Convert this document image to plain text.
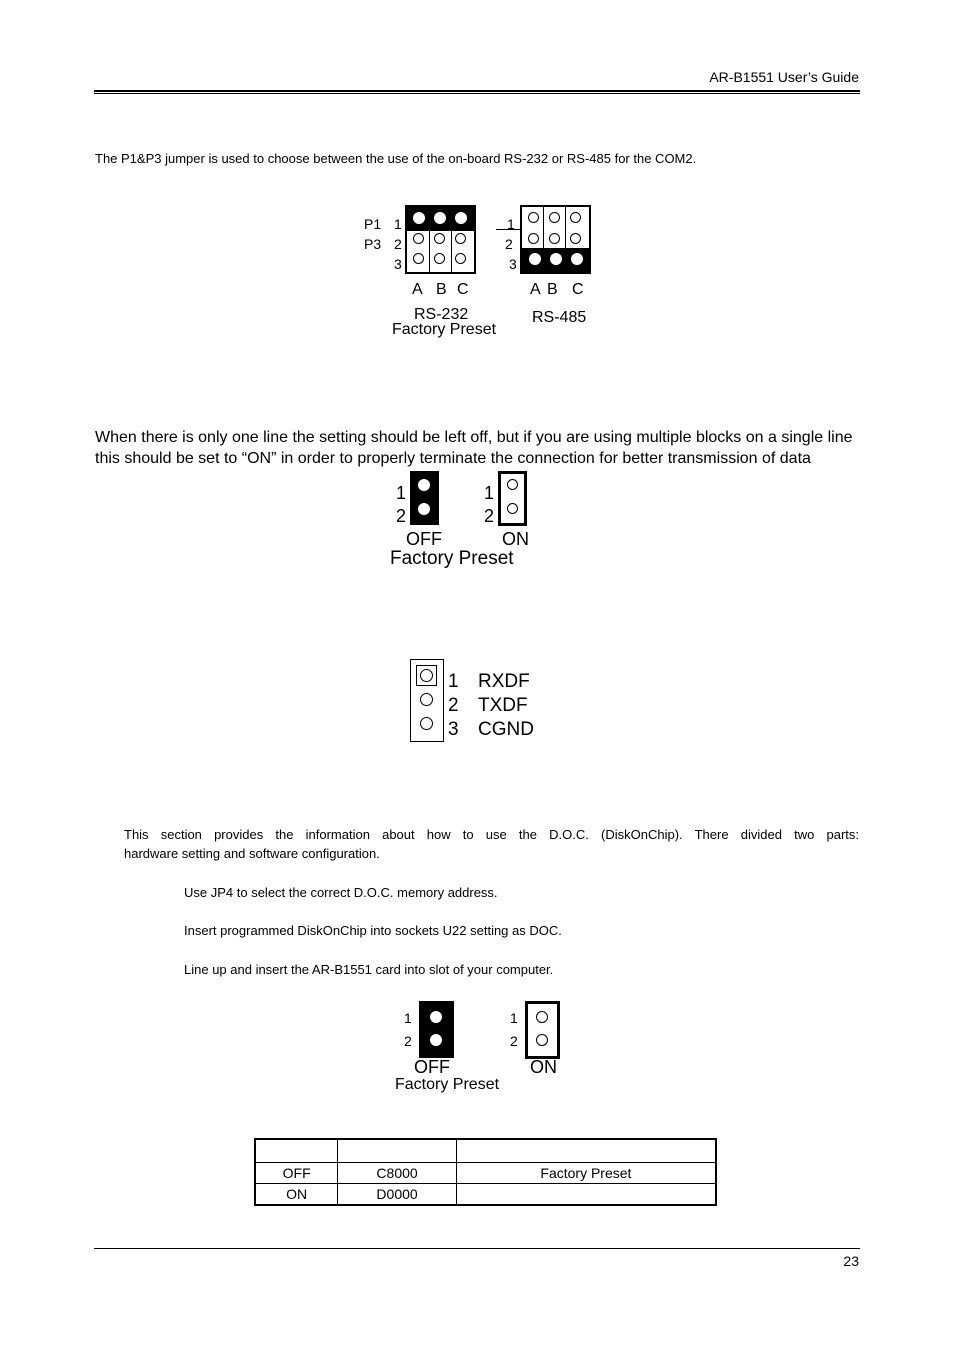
AR-B1551 User’s Guide
The P1&P3 jumper is used to choose between the use of the on-board RS-232 or RS-485 for the COM2.
P1
P3
1
2
3
A B C
RS-232
Factory Preset
1
2
3
A B C
RS-485
When there is only one line the setting should be left off, but if you are using multiple blocks on a single line
this should be set to “ON” in order to properly terminate the connection for better transmission of data
1
2
1
2
OFF	ON
Factory Preset
1 RXDF
2 TXDF
3 CGND
This section provides the information about how to use the D.O.C. (DiskOnChip). There divided two parts:
hardware setting and software configuration.
Use JP4 to select the correct D.O.C. memory address.
Insert programmed DiskOnChip into sockets U22 setting as DOC.
Line up and insert the AR-B1551 card into slot of your computer.
1
2
1
2
OFF	ON
Factory Preset

OFF	C8000	Factory Preset
ON	D0000	
23
